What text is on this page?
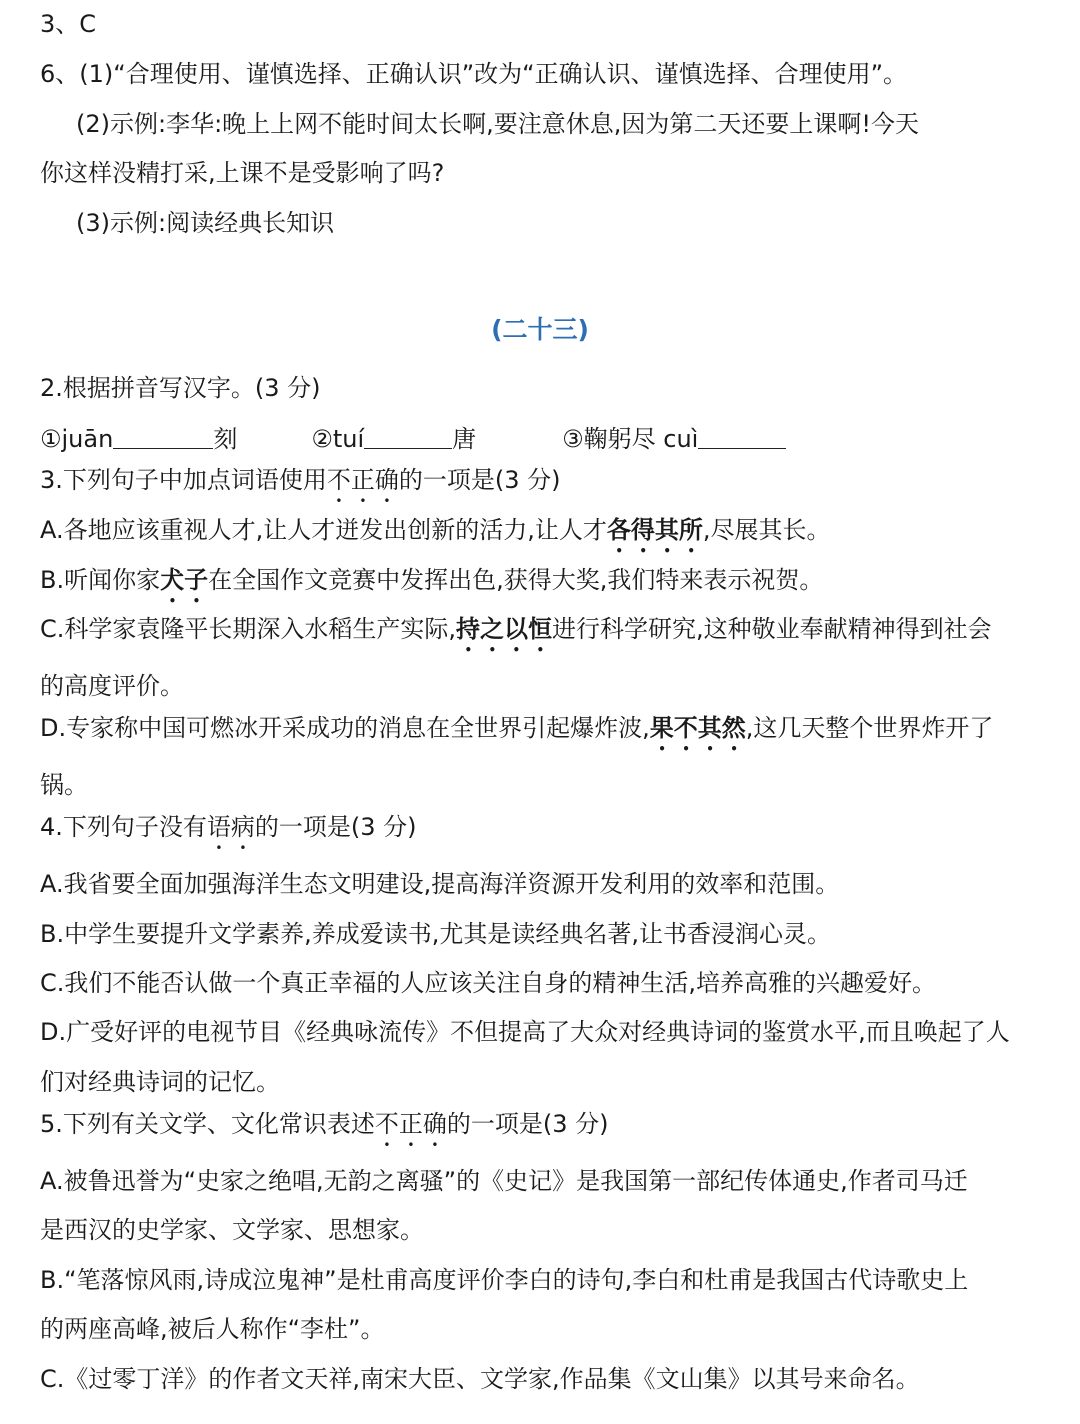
3、C
6、(1)“合理使用、谨慎选择、正确认识”改为“正确认识、谨慎选择、合理使用”。
(2)示例:李华:晚上上网不能时间太长啊,要注意休息,因为第二天还要上课啊!今天
你这样没精打采,上课不是受影响了吗?
(3)示例:阅读经典长知识
(二十三)
2.根据拼音写汉字。(3 分)
①juān	刻	②tuí	唐	③鞠躬尽 cuì
3.下列句子中加点词语使用不正确的一项是(3 分)
A.各地应该重视人才,让人才迸发出创新的活力,让人才各得其所,尽展其长。
B.听闻你家犬子在全国作文竞赛中发挥出色,获得大奖,我们特来表示祝贺。
C.科学家袁隆平长期深入水稻生产实际,持之以恒进行科学研究,这种敬业奉献精神得到社会
的高度评价。
D.专家称中国可燃冰开采成功的消息在全世界引起爆炸波,果不其然,这几天整个世界炸开了
锅。
4.下列句子没有语病的一项是(3 分)
A.我省要全面加强海洋生态文明建设,提高海洋资源开发利用的效率和范围。
B.中学生要提升文学素养,养成爱读书,尤其是读经典名著,让书香浸润心灵。
C.我们不能否认做一个真正幸福的人应该关注自身的精神生活,培养高雅的兴趣爱好。
D.广受好评的电视节目《经典咏流传》不但提高了大众对经典诗词的鉴赏水平,而且唤起了人
们对经典诗词的记忆。
5.下列有关文学、文化常识表述不正确的一项是(3 分)
A.被鲁迅誉为“史家之绝唱,无韵之离骚”的《史记》是我国第一部纪传体通史,作者司马迁
是西汉的史学家、文学家、思想家。
B.“笔落惊风雨,诗成泣鬼神”是杜甫高度评价李白的诗句,李白和杜甫是我国古代诗歌史上
的两座高峰,被后人称作“李杜”。
C.《过零丁洋》的作者文天祥,南宋大臣、文学家,作品集《文山集》以其号来命名。
